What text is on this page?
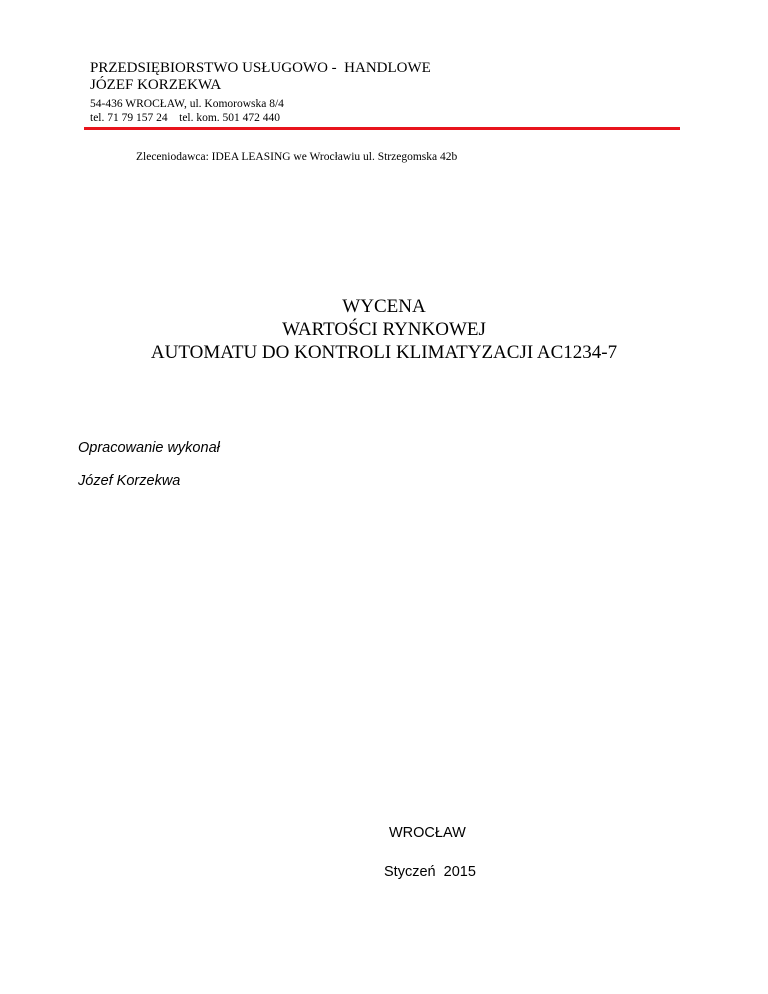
PRZEDSIĘBIORSTWO USŁUGOWO -  HANDLOWE
JÓZEF KORZEKWA
54-436 WROCŁAW, ul. Komorowska 8/4
tel. 71 79 157 24    tel. kom. 501 472 440
Zleceniodawca: IDEA LEASING we Wrocławiu ul. Strzegomska 42b
WYCENA
WARTOŚCI RYNKOWEJ
AUTOMATU DO KONTROLI KLIMATYZACJI AC1234-7
Opracowanie wykonał
Józef Korzekwa
WROCŁAW
Styczeń  2015
